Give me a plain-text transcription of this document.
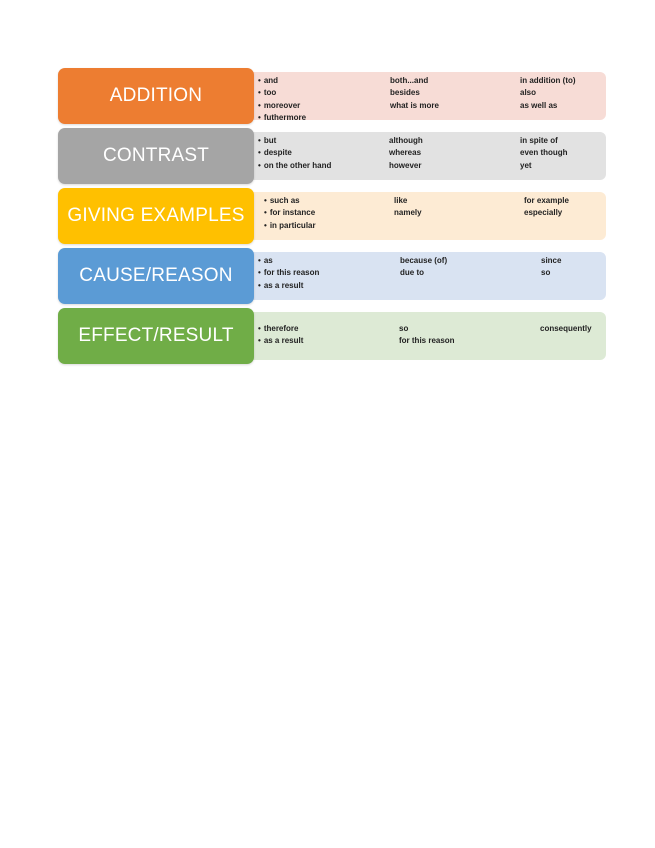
• and
• too
• moreover
• futhermore
both...and
besides
what is more
in addition (to)
also
as well as
ADDITION
• but
• despite
• on the other hand
although
whereas
however
in spite of
even though
yet
CONTRAST
• such as
• for instance
• in particular
like
namely
for example
especially
GIVING EXAMPLES
• as
• for this reason
• as a result
because (of)
due to
since
so
CAUSE/REASON
• therefore
• as a result
so
for this reason
consequently
EFFECT/RESULT
